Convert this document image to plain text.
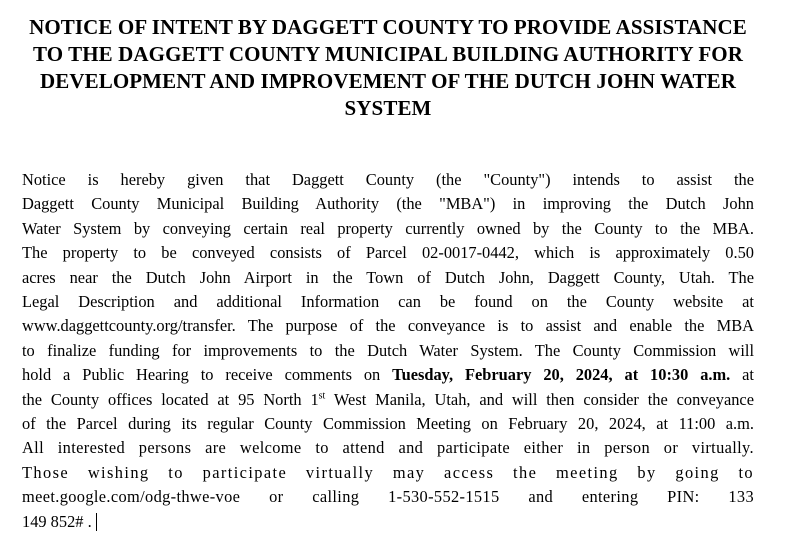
NOTICE OF INTENT BY DAGGETT COUNTY TO PROVIDE ASSISTANCE
TO THE DAGGETT COUNTY MUNICIPAL BUILDING AUTHORITY FOR
DEVELOPMENT AND IMPROVEMENT OF THE DUTCH JOHN WATER
SYSTEM
Notice is hereby given that Daggett County (the "County") intends to assist the
Daggett County Municipal Building Authority (the "MBA") in improving the Dutch John
Water System by conveying certain real property currently owned by the County to the MBA.
The property to be conveyed consists of Parcel 02-0017-0442, which is approximately 0.50
acres near the Dutch John Airport in the Town of Dutch John, Daggett County, Utah. The
Legal Description and additional Information can be found on the County website at
www.daggettcounty.org/transfer. The purpose of the conveyance is to assist and enable the MBA
to finalize funding for improvements to the Dutch Water System. The County Commission will
hold a Public Hearing to receive comments on Tuesday, February 20, 2024, at 10:30 a.m. at
the County offices located at 95 North 1st West Manila, Utah, and will then consider the conveyance
of the Parcel during its regular County Commission Meeting on February 20, 2024, at 11:00 a.m.
All interested persons are welcome to attend and participate either in person or virtually.
Those wishing to participate virtually may access the meeting by going to
meet.google.com/odg-thwe-voe or calling 1-530-552-1515 and entering PIN: 133
149 852# .
